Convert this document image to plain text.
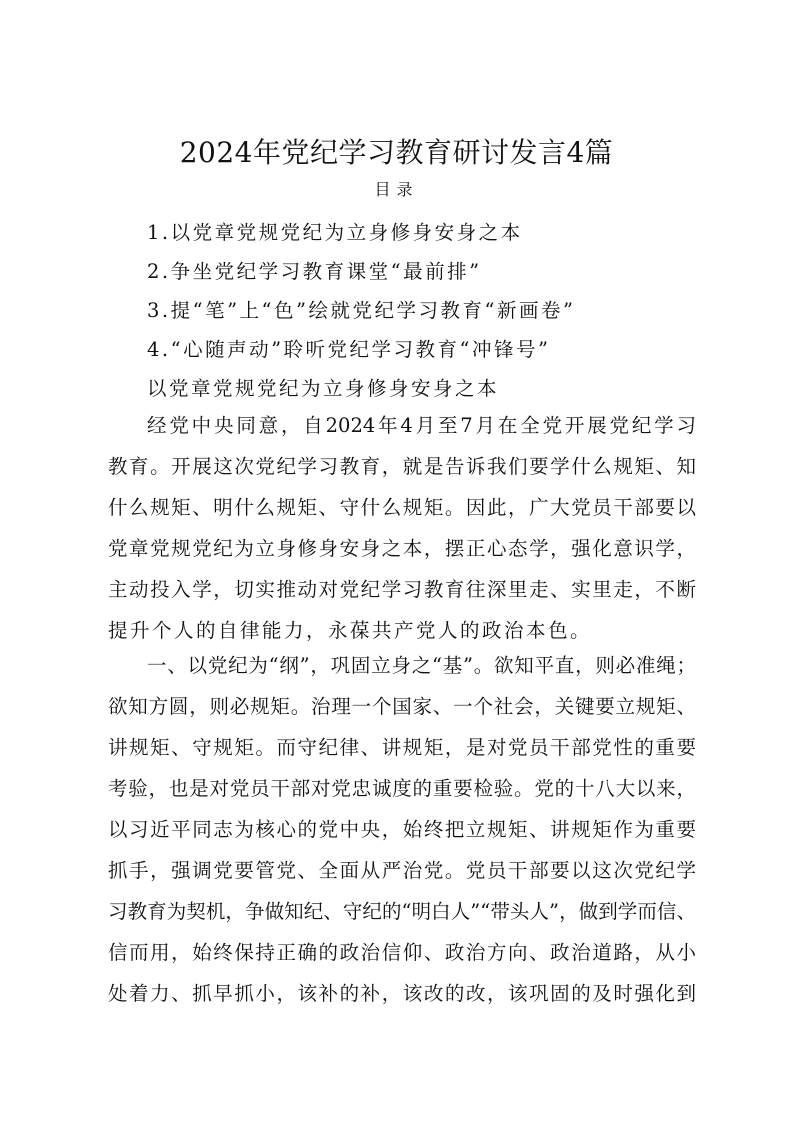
2024年党纪学习教育研讨发言4篇
目录
1.以党章党规党纪为立身修身安身之本
2.争坐党纪学习教育课堂“最前排”
3.提“笔”上“色”绘就党纪学习教育“新画卷”
4.“心随声动”聆听党纪学习教育“冲锋号”
以党章党规党纪为立身修身安身之本
经党中央同意，自2024年4月至7月在全党开展党纪学习
教育。开展这次党纪学习教育，就是告诉我们要学什么规矩、知
什么规矩、明什么规矩、守什么规矩。因此，广大党员干部要以
党章党规党纪为立身修身安身之本，摆正心态学，强化意识学，
主动投入学，切实推动对党纪学习教育往深里走、实里走，不断
提升个人的自律能力，永葆共产党人的政治本色。
一、以党纪为“纲”，巩固立身之“基”。欲知平直，则必准绳；
欲知方圆，则必规矩。治理一个国家、一个社会，关键要立规矩、
讲规矩、守规矩。而守纪律、讲规矩，是对党员干部党性的重要
考验，也是对党员干部对党忠诚度的重要检验。党的十八大以来，
以习近平同志为核心的党中央，始终把立规矩、讲规矩作为重要
抓手，强调党要管党、全面从严治党。党员干部要以这次党纪学
习教育为契机，争做知纪、守纪的“明白人”“带头人”，做到学而信、
信而用，始终保持正确的政治信仰、政治方向、政治道路，从小
处着力、抓早抓小，该补的补，该改的改，该巩固的及时强化到
